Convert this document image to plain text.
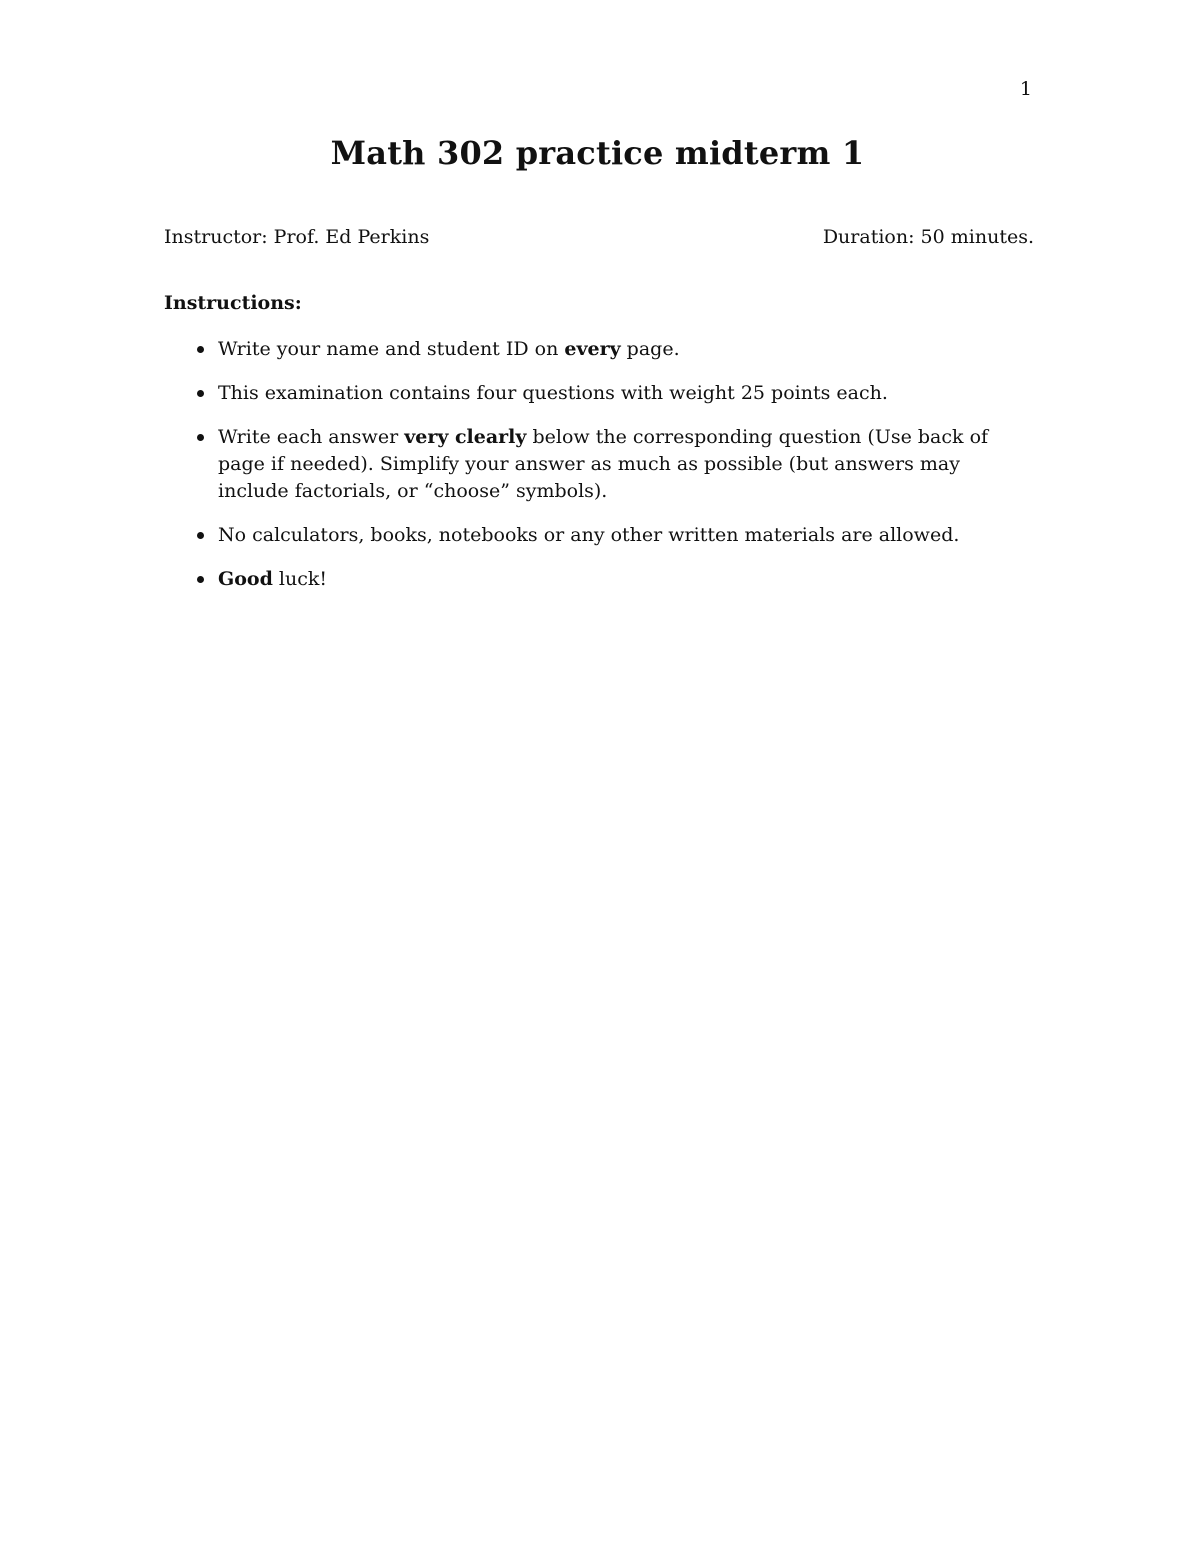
1
Math 302 practice midterm 1
Instructor: Prof. Ed Perkins	Duration: 50 minutes.
Instructions:
Write your name and student ID on every page.
This examination contains four questions with weight 25 points each.
Write each answer very clearly below the corresponding question (Use back of page if needed). Simplify your answer as much as possible (but answers may include factorials, or “choose” symbols).
No calculators, books, notebooks or any other written materials are allowed.
Good luck!
